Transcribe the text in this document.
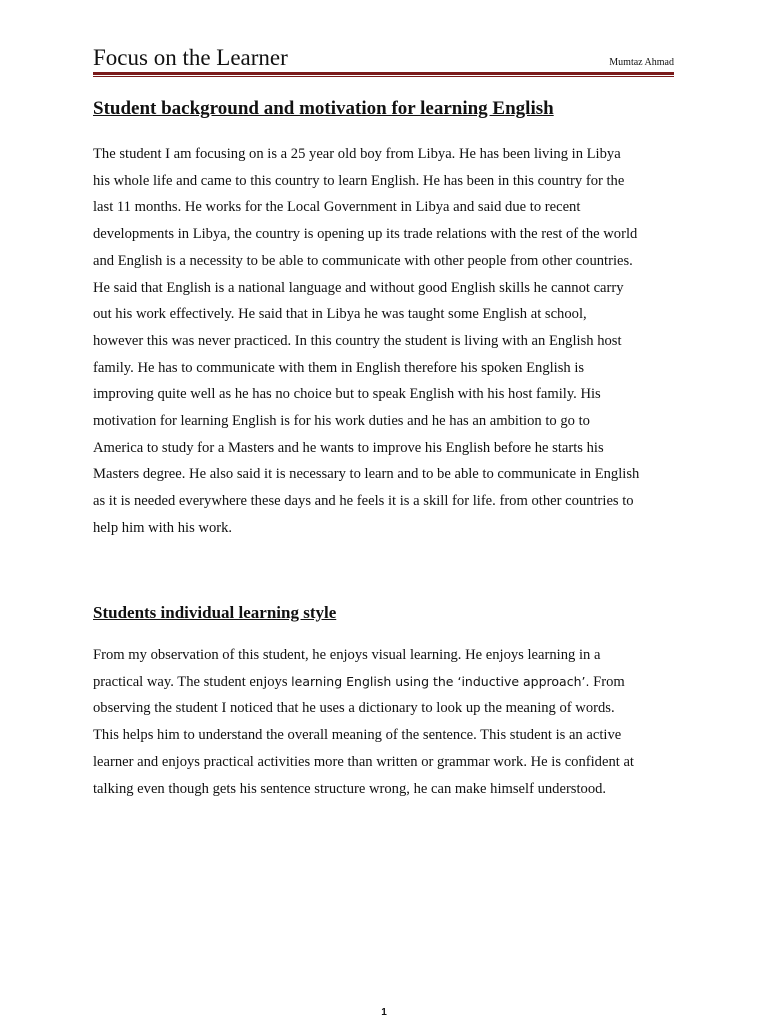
Focus on the Learner	Mumtaz Ahmad
Student background and motivation for learning English

The student I am focusing on is a 25 year old boy from Libya. He has been living in Libya
his whole life and came to this country to learn English. He has been in this country for the
last 11 months. He works for the Local Government in Libya and said due to recent
developments in Libya, the country is opening up its trade relations with the rest of the world
and English is a necessity to be able to communicate with other people from other countries.
He said that English is a national language and without good English skills he cannot carry
out his work effectively. He said that in Libya he was taught some English at school,
however this was never practiced. In this country the student is living with an English host
family. He has to communicate with them in English therefore his spoken English is
improving quite well as he has no choice but to speak English with his host family. His
motivation for learning English is for his work duties and he has an ambition to go to
America to study for a Masters and he wants to improve his English before he starts his
Masters degree. He also said it is necessary to learn and to be able to communicate in English
as it is needed everywhere these days and he feels it is a skill for life. from other countries to
help him with his work.

Students individual learning style

From my observation of this student, he enjoys visual learning. He enjoys learning in a
practical way. The student enjoys learning English using the ‘inductive approach’. From
observing the student I noticed that he uses a dictionary to look up the meaning of words.
This helps him to understand the overall meaning of the sentence. This student is an active
learner and enjoys practical activities more than written or grammar work. He is confident at
talking even though gets his sentence structure wrong, he can make himself understood.

1
